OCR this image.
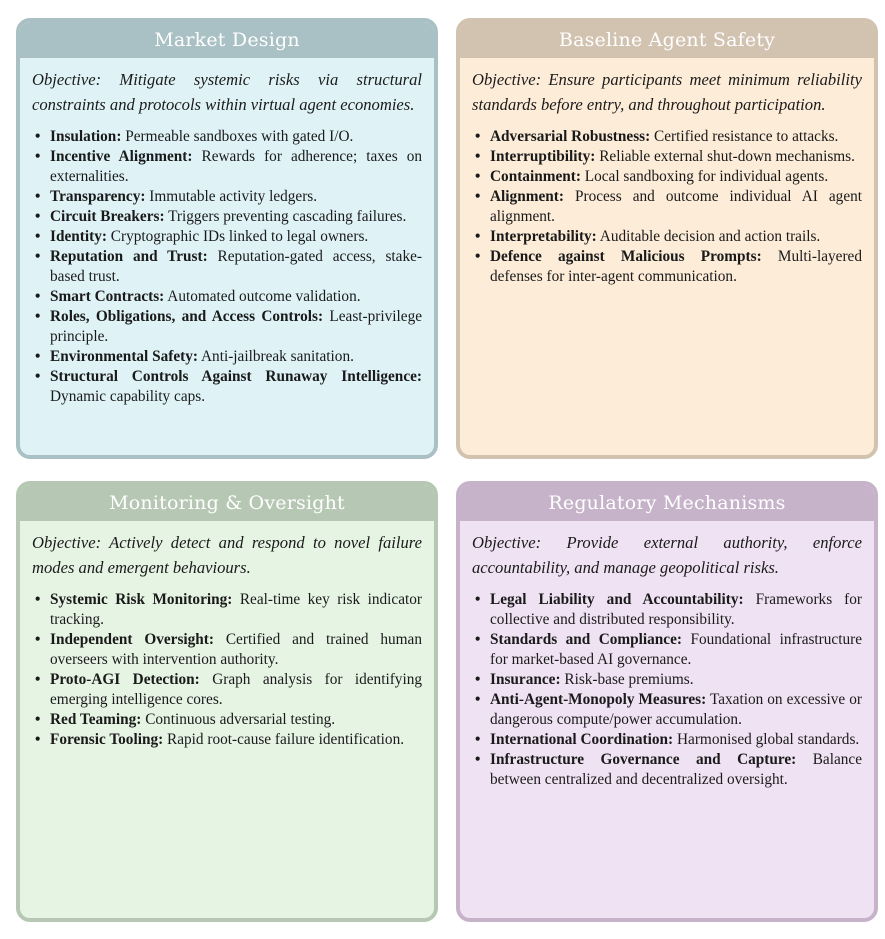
Market Design

Objective: Mitigate systemic risks via structural constraints and protocols within virtual agent economies.

• Insulation: Permeable sandboxes with gated I/O.
• Incentive Alignment: Rewards for adherence; taxes on externalities.
• Transparency: Immutable activity ledgers.
• Circuit Breakers: Triggers preventing cascading failures.
• Identity: Cryptographic IDs linked to legal owners.
• Reputation and Trust: Reputation-gated access, stake-based trust.
• Smart Contracts: Automated outcome validation.
• Roles, Obligations, and Access Controls: Least-privilege principle.
• Environmental Safety: Anti-jailbreak sanitation.
• Structural Controls Against Runaway Intelligence: Dynamic capability caps.
Baseline Agent Safety

Objective: Ensure participants meet minimum reliability standards before entry, and throughout participation.

• Adversarial Robustness: Certified resistance to attacks.
• Interruptibility: Reliable external shut-down mechanisms.
• Containment: Local sandboxing for individual agents.
• Alignment: Process and outcome individual AI agent alignment.
• Interpretability: Auditable decision and action trails.
• Defence against Malicious Prompts: Multi-layered defenses for inter-agent communication.
Monitoring & Oversight

Objective: Actively detect and respond to novel failure modes and emergent behaviours.

• Systemic Risk Monitoring: Real-time key risk indicator tracking.
• Independent Oversight: Certified and trained human overseers with intervention authority.
• Proto-AGI Detection: Graph analysis for identifying emerging intelligence cores.
• Red Teaming: Continuous adversarial testing.
• Forensic Tooling: Rapid root-cause failure identification.
Regulatory Mechanisms

Objective: Provide external authority, enforce accountability, and manage geopolitical risks.

• Legal Liability and Accountability: Frameworks for collective and distributed responsibility.
• Standards and Compliance: Foundational infrastructure for market-based AI governance.
• Insurance: Risk-base premiums.
• Anti-Agent-Monopoly Measures: Taxation on excessive or dangerous compute/power accumulation.
• International Coordination: Harmonised global standards.
• Infrastructure Governance and Capture: Balance between centralized and decentralized oversight.
